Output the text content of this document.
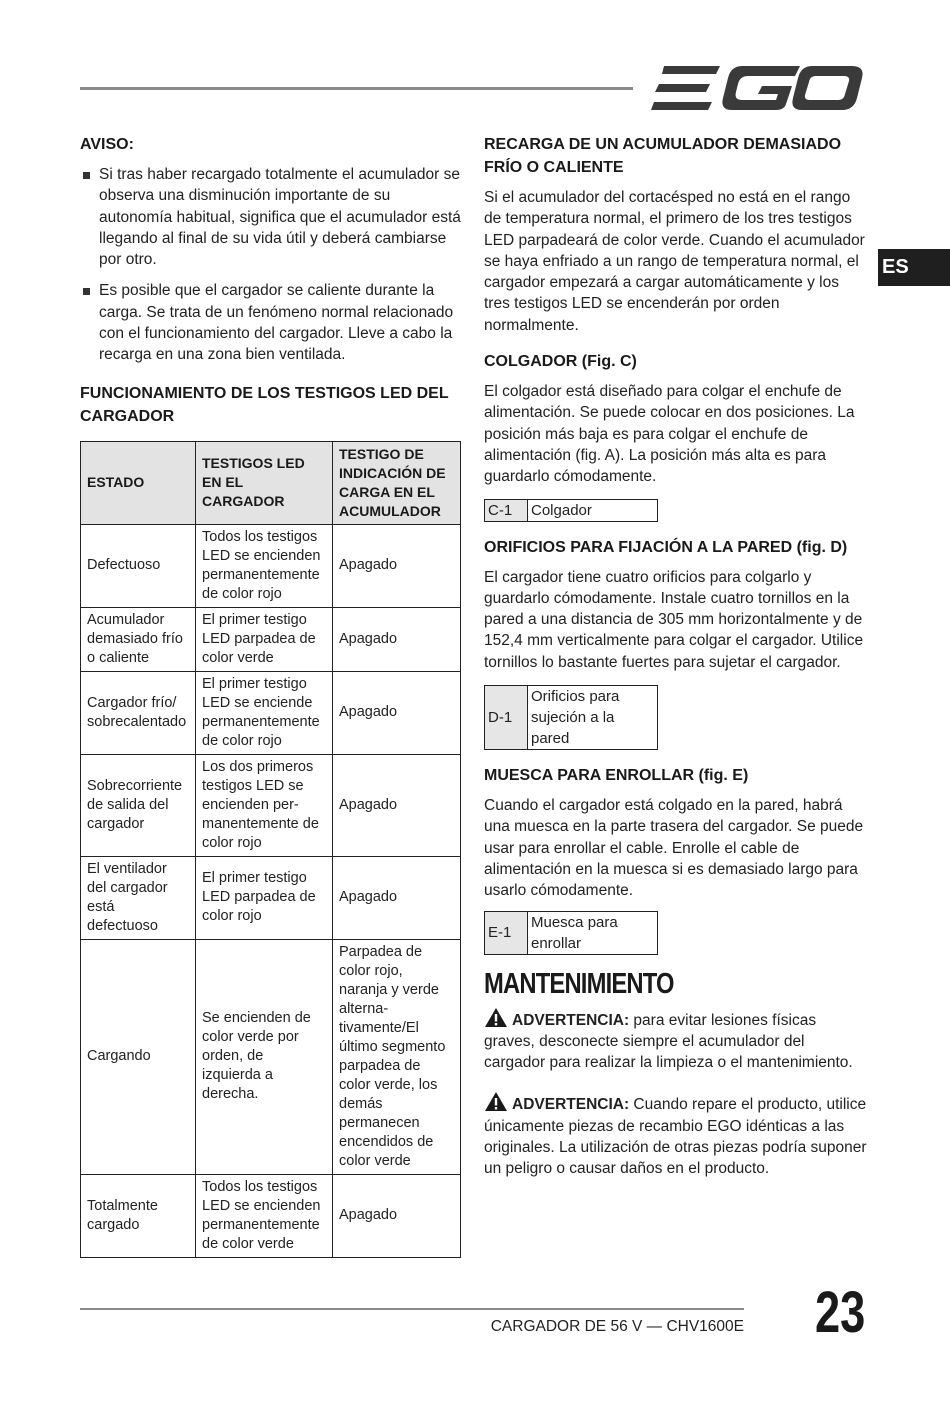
ES

AVISO:

Si tras haber recargado totalmente el acumulador se observa una disminución importante de su autonomía habitual, significa que el acumulador está llegando al final de su vida útil y deberá cambiarse por otro.
Es posible que el cargador se caliente durante la carga. Se trata de un fenómeno normal relacionado con el funcionamiento del cargador. Lleve a cabo la recarga en una zona bien ventilada.

FUNCIONAMIENTO DE LOS TESTIGOS LED DEL CARGADOR

ESTADO	TESTIGOS LED EN EL CARGADOR	TESTIGO DE INDICACIÓN DE CARGA EN EL ACUMULADOR
Defectuoso	Todos los testigos LED se encienden permanentemente de color rojo	Apagado
Acumulador demasiado frío o caliente	El primer testigo LED parpadea de color verde	Apagado
Cargador frío/ sobrecalentado	El primer testigo LED se enciende permanentemente de color rojo	Apagado
Sobrecorriente de salida del cargador	Los dos primeros testigos LED se encienden per-manentemente de color rojo	Apagado
El ventilador del cargador está defectuoso	El primer testigo LED parpadea de color rojo	Apagado
Cargando	Se encienden de color verde por orden, de izquierda a derecha.	Parpadea de color rojo, naranja y verde alterna-tivamente/El último segmento parpadea de color verde, los demás permanecen encendidos de color verde
Totalmente cargado	Todos los testigos LED se encienden permanentemente de color verde	Apagado

RECARGA DE UN ACUMULADOR DEMASIADO FRÍO O CALIENTE

Si el acumulador del cortacésped no está en el rango de temperatura normal, el primero de los tres testigos LED parpadeará de color verde. Cuando el acumulador se haya enfriado a un rango de temperatura normal, el cargador empezará a cargar automáticamente y los tres testigos LED se encenderán por orden normalmente.

COLGADOR (Fig. C)

El colgador está diseñado para colgar el enchufe de alimentación. Se puede colocar en dos posiciones. La posición más baja es para colgar el enchufe de alimentación (fig. A). La posición más alta es para guardarlo cómodamente.

C-1	Colgador

ORIFICIOS PARA FIJACIÓN A LA PARED (fig. D)

El cargador tiene cuatro orificios para colgarlo y guardarlo cómodamente. Instale cuatro tornillos en la pared a una distancia de 305 mm horizontalmente y de 152,4 mm verticalmente para colgar el cargador. Utilice tornillos lo bastante fuertes para sujetar el cargador.

D-1	Orificios para sujeción a la pared

MUESCA PARA ENROLLAR (fig. E)

Cuando el cargador está colgado en la pared, habrá una muesca en la parte trasera del cargador. Se puede usar para enrollar el cable. Enrolle el cable de alimentación en la muesca si es demasiado largo para usarlo cómodamente.

E-1	Muesca para enrollar

MANTENIMIENTO

ADVERTENCIA: para evitar lesiones físicas graves, desconecte siempre el acumulador del cargador para realizar la limpieza o el mantenimiento.

ADVERTENCIA: Cuando repare el producto, utilice únicamente piezas de recambio EGO idénticas a las originales. La utilización de otras piezas podría suponer un peligro o causar daños en el producto.

CARGADOR DE 56 V — CHV1600E 23
